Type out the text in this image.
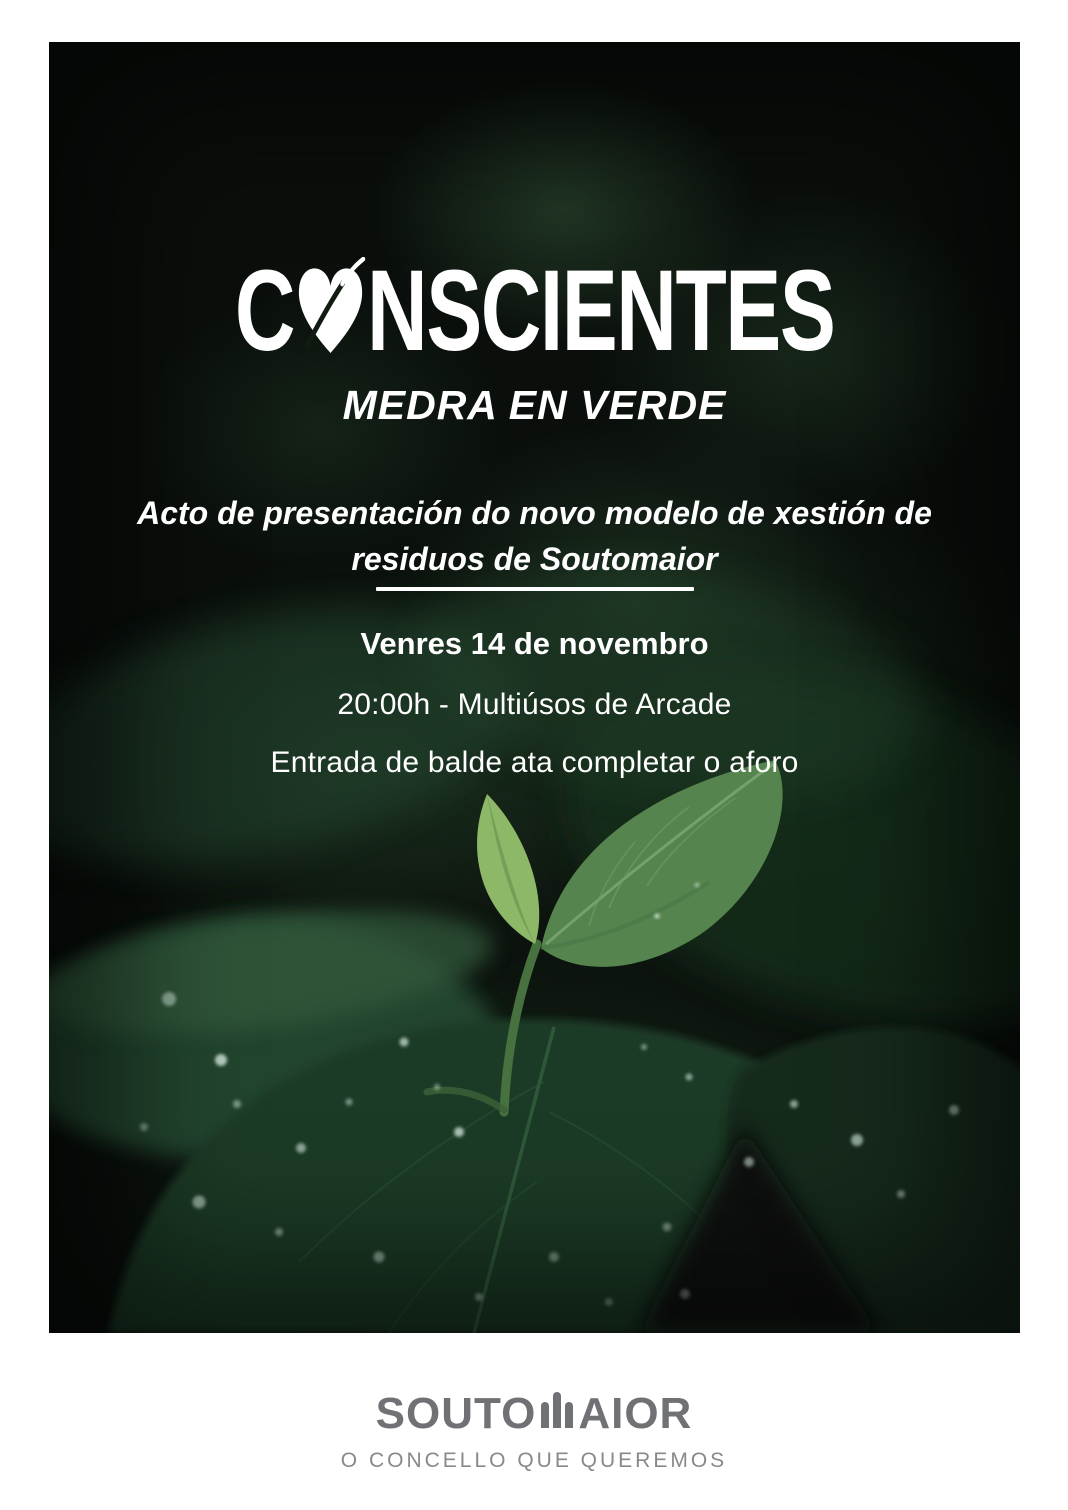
C NSCIENTES
MEDRA EN VERDE
Acto de presentación do novo modelo de xestión de
residuos de Soutomaior
Venres 14 de novembro
20:00h - Multiúsos de Arcade
Entrada de balde ata completar o aforo
SOUTO AIOR
O CONCELLO QUE QUEREMOS
